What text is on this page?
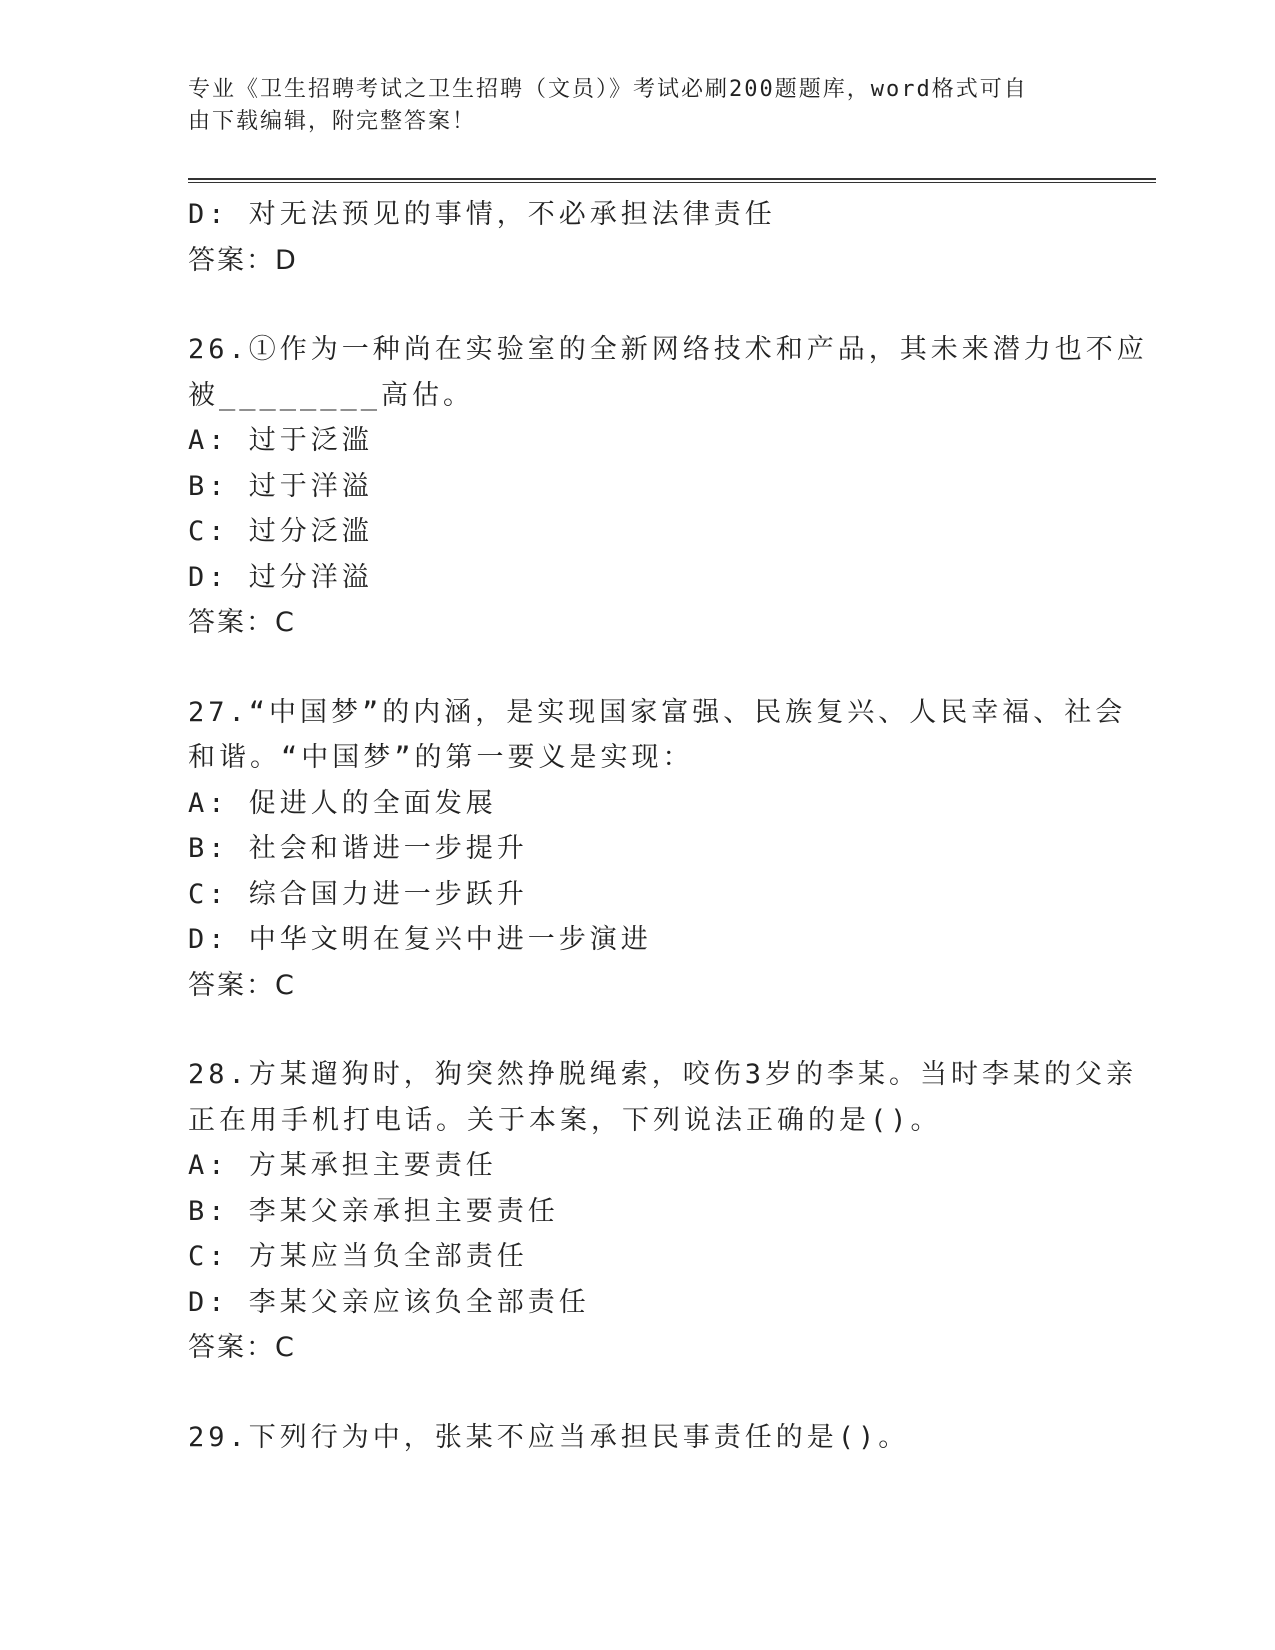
专业《卫生招聘考试之卫生招聘（文员）》考试必刷200题题库，word格式可自
由下载编辑，附完整答案！
D: 对无法预见的事情，不必承担法律责任
答案：D
26.①作为一种尚在实验室的全新网络技术和产品，其未来潜力也不应
被________高估。
A: 过于泛滥
B: 过于洋溢
C: 过分泛滥
D: 过分洋溢
答案：C
27.“中国梦”的内涵，是实现国家富强、民族复兴、人民幸福、社会
和谐。“中国梦”的第一要义是实现：
A: 促进人的全面发展
B: 社会和谐进一步提升
C: 综合国力进一步跃升
D: 中华文明在复兴中进一步演进
答案：C
28.方某遛狗时，狗突然挣脱绳索，咬伤3岁的李某。当时李某的父亲
正在用手机打电话。关于本案，下列说法正确的是()。
A: 方某承担主要责任
B: 李某父亲承担主要责任
C: 方某应当负全部责任
D: 李某父亲应该负全部责任
答案：C
29.下列行为中，张某不应当承担民事责任的是()。
